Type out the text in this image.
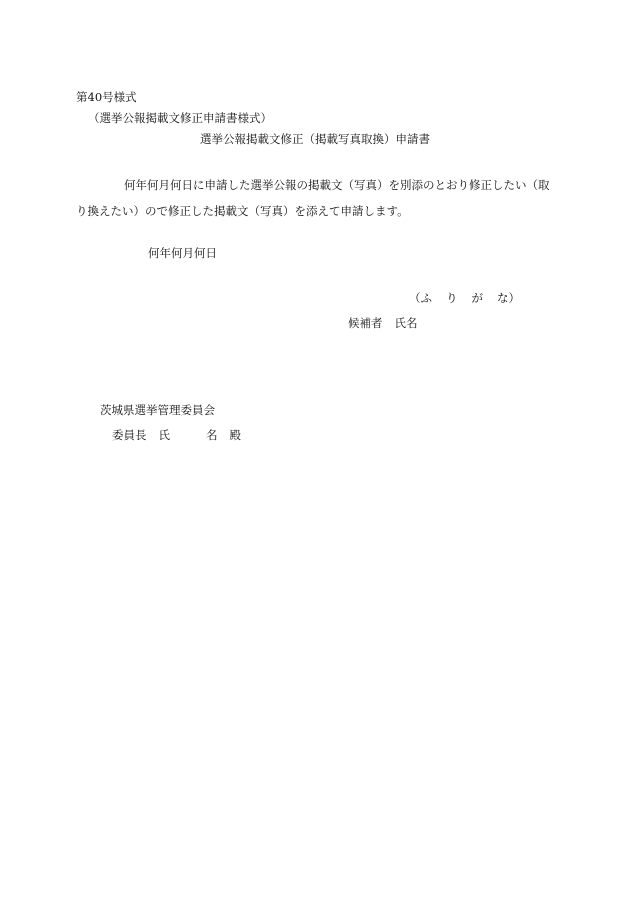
第40号様式
（選挙公報掲載文修正申請書様式）
選挙公報掲載文修正（掲載写真取換）申請書
何年何月何日に申請した選挙公報の掲載文（写真）を別添のとおり修正したい（取
り換えたい）ので修正した掲載文（写真）を添えて申請します。
何年何月何日
（ふ り が な）
候補者 氏名
茨城県選挙管理委員会
委員長 氏	名 殿
